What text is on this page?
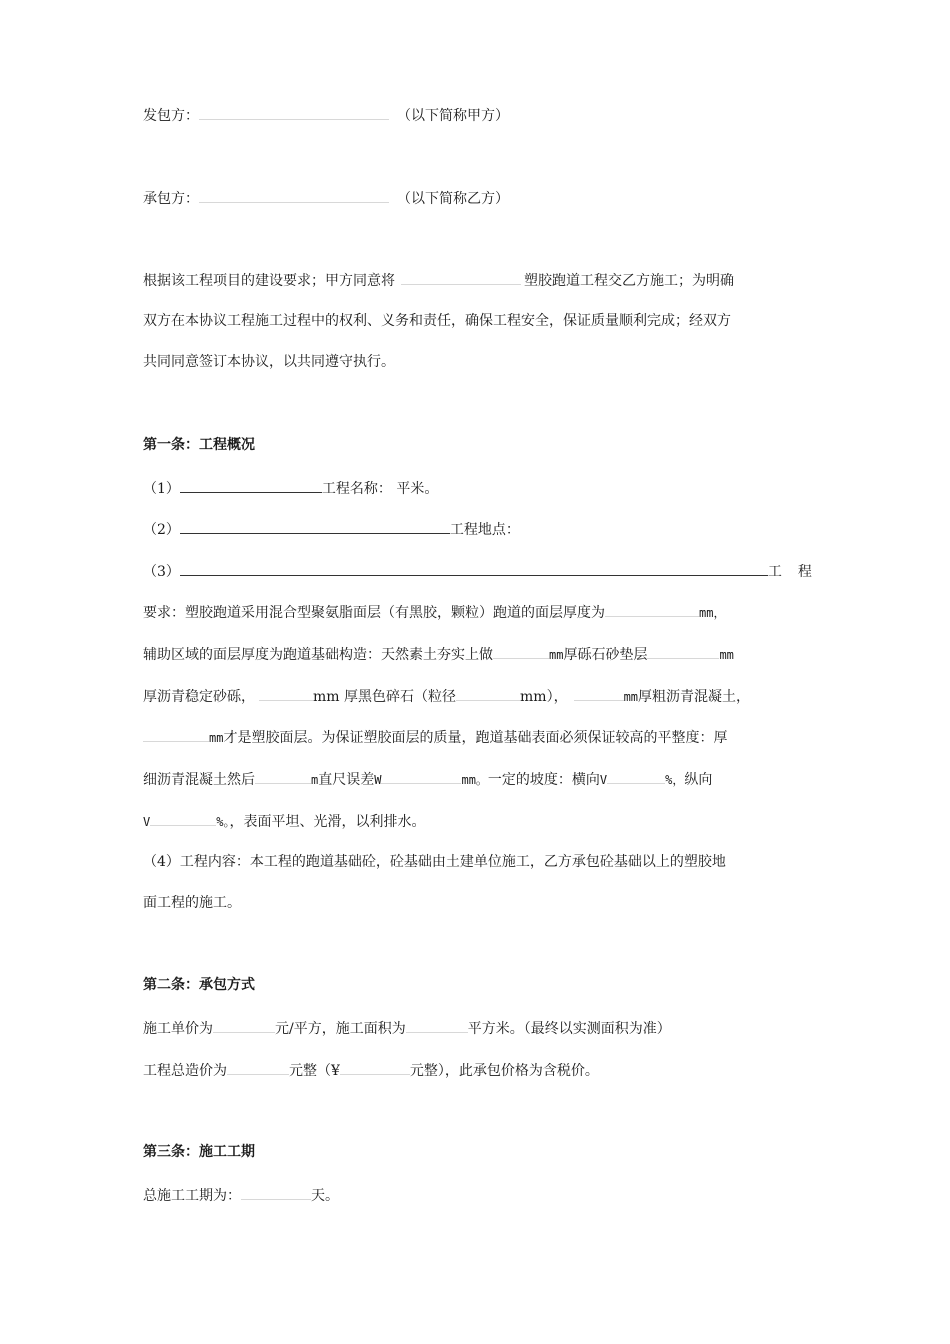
发包方：	（以下简称甲方）
承包方：	（以下简称乙方）
根据该工程项目的建设要求；甲方同意将	塑胶跑道工程交乙方施工；为明确
双方在本协议工程施工过程中的权利、义务和责任，确保工程安全，保证质量顺利完成；经双方
共同同意签订本协议，以共同遵守执行。
第一条：工程概况
（1）	工程名称： 平米。
（2）	工程地点：
（3）	工 程
要求：塑胶跑道采用混合型聚氨脂面层（有黑胶，颗粒）跑道的面层厚度为	mm，
辅助区域的面层厚度为跑道基础构造：天然素土夯实上做	mm厚砾石砂垫层	mm
厚沥青稳定砂砾，	mm 厚黑色碎石（粒径	mm），	mm厚粗沥青混凝土，
mm才是塑胶面层。为保证塑胶面层的质量，跑道基础表面必须保证较高的平整度：厚
细沥青混凝土然后	m直尺误差W	mm。一定的坡度：横向V	%，纵向
V	%。，表面平坦、光滑，以利排水。
（4）工程内容：本工程的跑道基础砼，砼基础由土建单位施工，乙方承包砼基础以上的塑胶地
面工程的施工。
第二条：承包方式
施工单价为	元/平方，施工面积为	平方米。（最终以实测面积为准）
工程总造价为	元整（¥	元整），此承包价格为含税价。
第三条：施工工期
总施工工期为：	天。
